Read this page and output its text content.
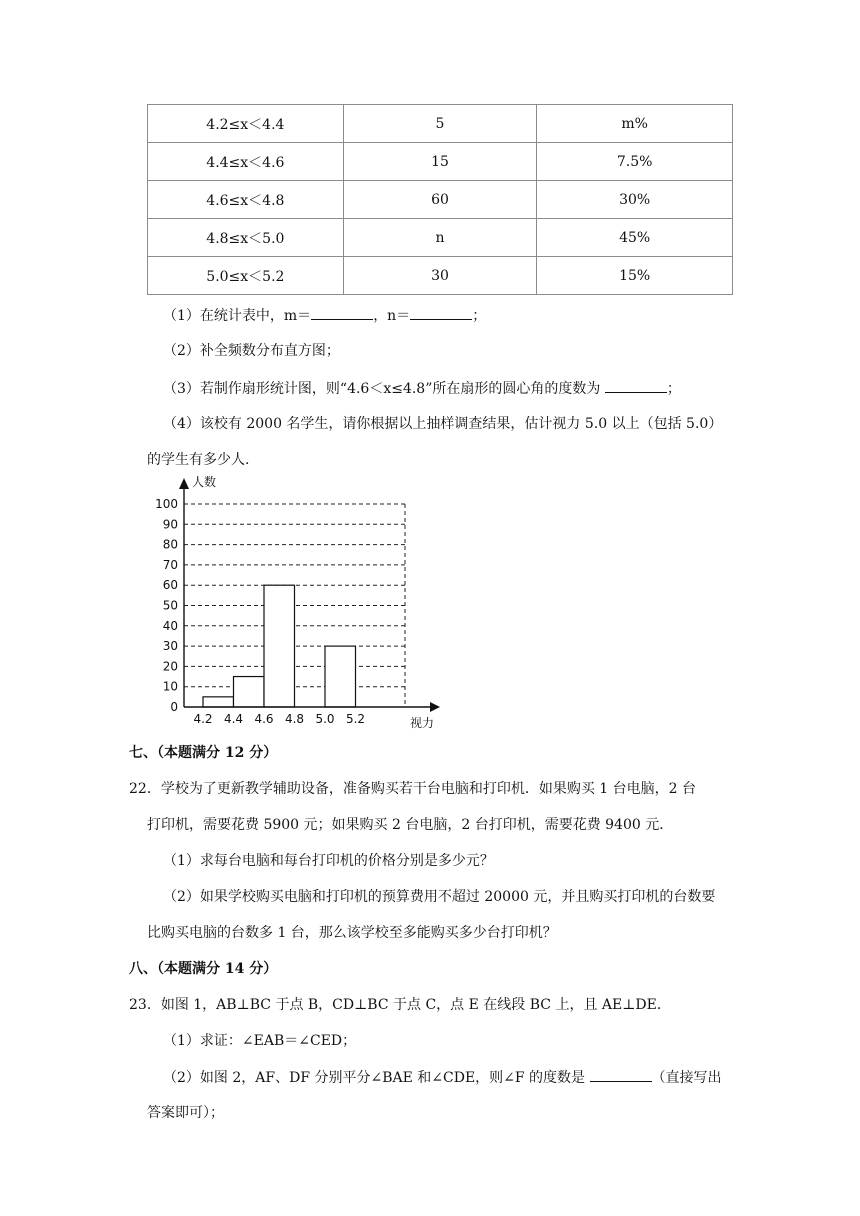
4.2≤x＜4.4	5	m%
4.4≤x＜4.6	15	7.5%
4.6≤x＜4.8	60	30%
4.8≤x＜5.0	n	45%
5.0≤x＜5.2	30	15%
（1）在统计表中，m＝	，n＝	；
（2）补全频数分布直方图；
（3）若制作扇形统计图，则“4.6＜x≤4.8”所在扇形的圆心角的度数为	；
（4）该校有 2000 名学生，请你根据以上抽样调查结果，估计视力 5.0 以上（包括 5.0）
的学生有多少人.
0
10
20
30
40
50
60
70
80
90
100
4.2 4.4 4.6 4.8 5.0 5.2
人数
视力
七、（本题满分 12 分）
22．学校为了更新教学辅助设备，准备购买若干台电脑和打印机．如果购买 1 台电脑，2 台
打印机，需要花费 5900 元；如果购买 2 台电脑，2 台打印机，需要花费 9400 元．
（1）求每台电脑和每台打印机的价格分别是多少元？
（2）如果学校购买电脑和打印机的预算费用不超过 20000 元，并且购买打印机的台数要
比购买电脑的台数多 1 台，那么该学校至多能购买多少台打印机？
八、（本题满分 14 分）
23．如图 1，AB⊥BC 于点 B，CD⊥BC 于点 C，点 E 在线段 BC 上，且 AE⊥DE．
（1）求证：∠EAB＝∠CED；
（2）如图 2，AF、DF 分别平分∠BAE 和∠CDE，则∠F 的度数是	（直接写出
答案即可）；
